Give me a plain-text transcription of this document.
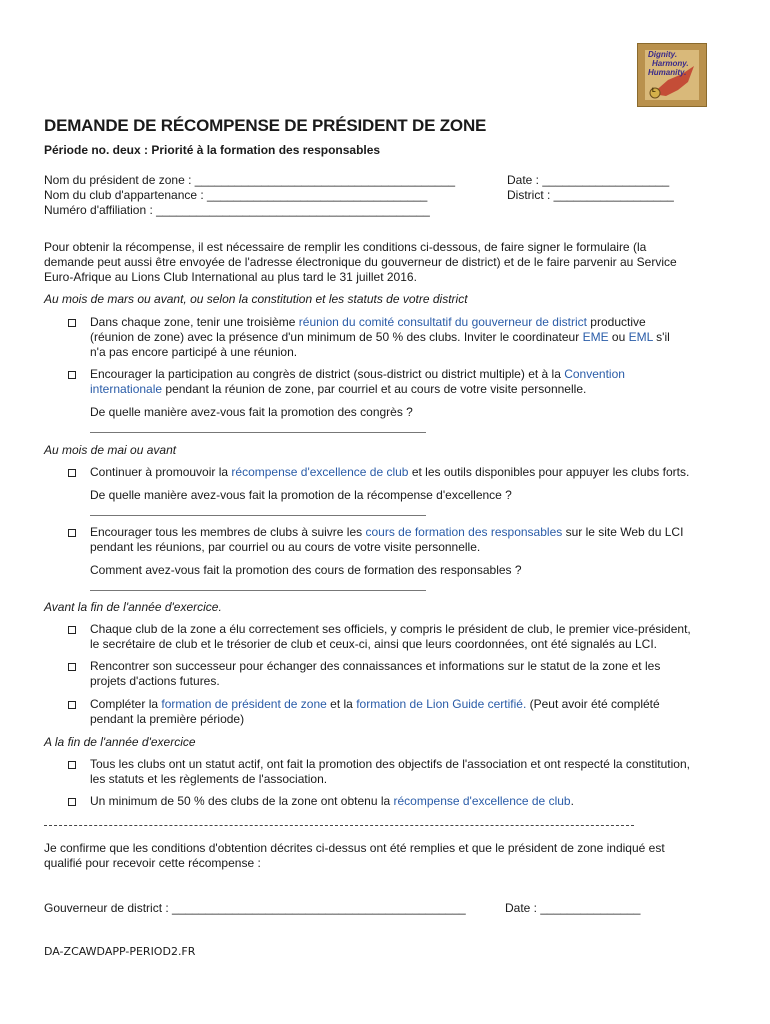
Dignity.
Harmony.
Humanity.
L
DEMANDE DE RÉCOMPENSE DE PRÉSIDENT DE ZONE
Période no. deux : Priorité à la formation des responsables
Nom du président de zone : _______________________________________	Date : ___________________
Nom du club d'appartenance : _________________________________	District : __________________
Numéro d'affiliation : _________________________________________
Pour obtenir la récompense, il est nécessaire de remplir les conditions ci-dessous, de faire signer le formulaire (la
demande peut aussi être envoyée de l'adresse électronique du gouverneur de district) et de le faire parvenir au Service
Euro-Afrique au Lions Club International au plus tard le 31 juillet 2016.
Au mois de mars ou avant, ou selon la constitution et les statuts de votre district
Dans chaque zone, tenir une troisième réunion du comité consultatif du gouverneur de district productive
(réunion de zone) avec la présence d'un minimum de 50 % des clubs. Inviter le coordinateur EME ou EML s'il
n'a pas encore participé à une réunion.
Encourager la participation au congrès de district (sous-district ou district multiple) et à la Convention
internationale pendant la réunion de zone, par courriel et au cours de votre visite personnelle.
De quelle manière avez-vous fait la promotion des congrès ?
Au mois de mai ou avant
Continuer à promouvoir la récompense d'excellence de club et les outils disponibles pour appuyer les clubs forts.
De quelle manière avez-vous fait la promotion de la récompense d'excellence ?
Encourager tous les membres de clubs à suivre les cours de formation des responsables sur le site Web du LCI
pendant les réunions, par courriel ou au cours de votre visite personnelle.
Comment avez-vous fait la promotion des cours de formation des responsables ?
Avant la fin de l'année d'exercice.
Chaque club de la zone a élu correctement ses officiels, y compris le président de club, le premier vice-président,
le secrétaire de club et le trésorier de club et ceux-ci, ainsi que leurs coordonnées, ont été signalés au LCI.
Rencontrer son successeur pour échanger des connaissances et informations sur le statut de la zone et les
projets d'actions futures.
Compléter la formation de président de zone et la formation de Lion Guide certifié. (Peut avoir été complété
pendant la première période)
A la fin de l'année d'exercice
Tous les clubs ont un statut actif, ont fait la promotion des objectifs de l'association et ont respecté la constitution,
les statuts et les règlements de l'association.
Un minimum de 50 % des clubs de la zone ont obtenu la récompense d'excellence de club.
Je confirme que les conditions d'obtention décrites ci-dessus ont été remplies et que le président de zone indiqué est
qualifié pour recevoir cette récompense :
Gouverneur de district : ____________________________________________	Date : _______________
DA-ZCAWDAPP-PERIOD2.FR
